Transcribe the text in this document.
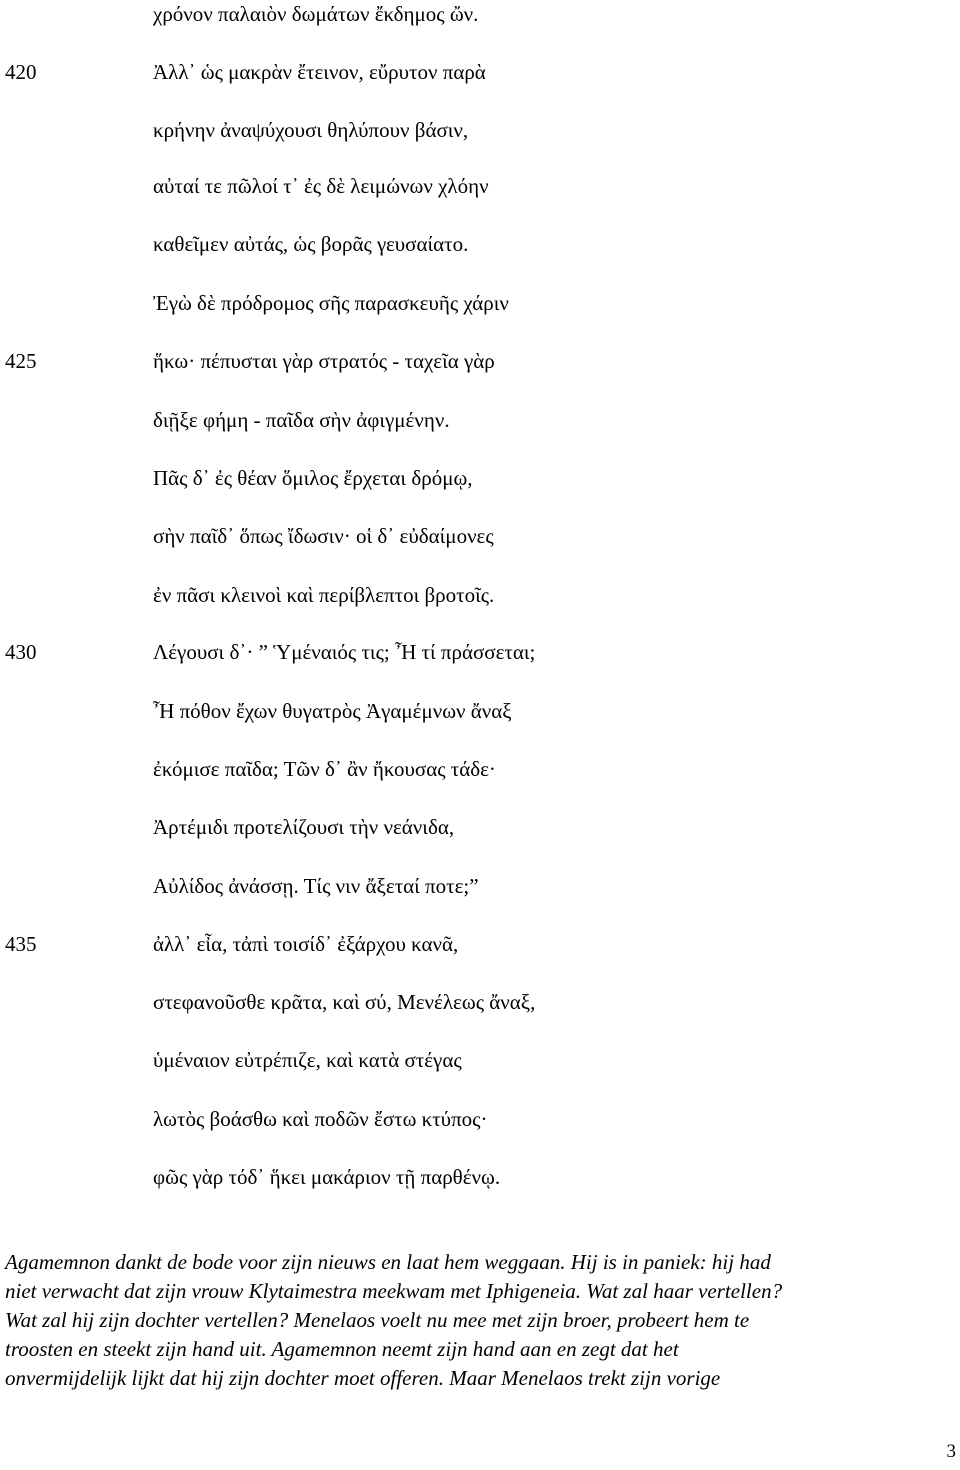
χρόνον παλαιὸν δωμάτων ἔκδημος ὤν.
420	Ἀλλ᾽ ὡς μακρὰν ἔτεινον, εὔρυτον παρὰ
κρήνην ἀναψύχουσι θηλύπουν βάσιν,
αὐταί τε πῶλοί τ᾽ ἐς δὲ λειμώνων χλόην
καθεῖμεν αὐτάς, ὡς βορᾶς γευσαίατο.
Ἐγὼ δὲ πρόδρομος σῆς παρασκευῆς χάριν
425	ἥκω· πέπυσται γὰρ στρατός - ταχεῖα γὰρ
διῇξε φήμη - παῖδα σὴν ἀφιγμένην.
Πᾶς δ᾽ ἐς θέαν ὅμιλος ἔρχεται δρόμῳ,
σὴν παῖδ᾽ ὅπως ἴδωσιν· οἱ δ᾽ εὐδαίμονες
ἐν πᾶσι κλεινοὶ καὶ περίβλεπτοι βροτοῖς.
430	Λέγουσι δ᾽· ” Ὑμέναιός τις; Ἦ τί πράσσεται;
Ἦ πόθον ἔχων θυγατρὸς Ἀγαμέμνων ἄναξ
ἐκόμισε παῖδα; Τῶν δ᾽ ἂν ἤκουσας τάδε·
Ἀρτέμιδι προτελίζουσι τὴν νεάνιδα,
Αὐλίδος ἀνάσσῃ. Τίς νιν ἄξεταί ποτε;”
435	ἀλλ᾽ εἶα, τἀπὶ τοισίδ᾽ ἐξάρχου κανᾶ,
στεφανοῦσθε κρᾶτα, καὶ σύ, Μενέλεως ἄναξ,
ὑμέναιον εὐτρέπιζε, καὶ κατὰ στέγας
λωτὸς βοάσθω καὶ ποδῶν ἔστω κτύπος·
φῶς γὰρ τόδ᾽ ἥκει μακάριον τῇ παρθένῳ.

Agamemnon dankt de bode voor zijn nieuws en laat hem weggaan. Hij is in paniek: hij had
niet verwacht dat zijn vrouw Klytaimestra meekwam met Iphigeneia. Wat zal haar vertellen?
Wat zal hij zijn dochter vertellen? Menelaos voelt nu mee met zijn broer, probeert hem te
troosten en steekt zijn hand uit. Agamemnon neemt zijn hand aan en zegt dat het
onvermijdelijk lijkt dat hij zijn dochter moet offeren. Maar Menelaos trekt zijn vorige

3
